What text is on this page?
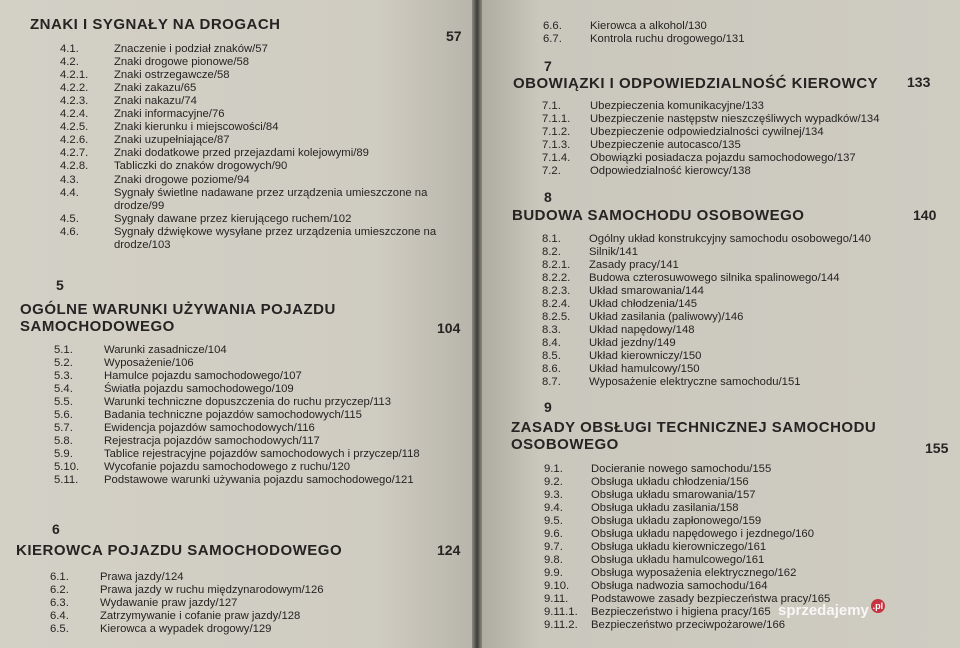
ZNAKI I SYGNAŁY NA DROGACH
57
4.1.	Znaczenie i podział znaków/57
4.2.	Znaki drogowe pionowe/58
4.2.1. Znaki ostrzegawcze/58
4.2.2. Znaki zakazu/65
4.2.3. Znaki nakazu/74
4.2.4. Znaki informacyjne/76
4.2.5. Znaki kierunku i miejscowości/84
4.2.6. Znaki uzupełniające/87
4.2.7. Znaki dodatkowe przed przejazdami kolejowymi/89
4.2.8. Tabliczki do znaków drogowych/90
4.3.	Znaki drogowe poziome/94
4.4.	Sygnały świetlne nadawane przez urządzenia umieszczone na
drodze/99
4.5.	Sygnały dawane przez kierującego ruchem/102
4.6.	Sygnały dźwiękowe wysyłane przez urządzenia umieszczone na
drodze/103
5
OGÓLNE WARUNKI UŻYWANIA POJAZDU
SAMOCHODOWEGO	104
5.1.	Warunki zasadnicze/104
5.2.	Wyposażenie/106
5.3.	Hamulce pojazdu samochodowego/107
5.4.	Światła pojazdu samochodowego/109
5.5.	Warunki techniczne dopuszczenia do ruchu przyczep/113
5.6.	Badania techniczne pojazdów samochodowych/115
5.7.	Ewidencja pojazdów samochodowych/116
5.8.	Rejestracja pojazdów samochodowych/117
5.9.	Tablice rejestracyjne pojazdów samochodowych i przyczep/118
5.10. Wycofanie pojazdu samochodowego z ruchu/120
5.11. Podstawowe warunki używania pojazdu samochodowego/121
6
KIEROWCA POJAZDU SAMOCHODOWEGO	124
6.1.	Prawa jazdy/124
6.2.	Prawa jazdy w ruchu międzynarodowym/126
6.3.	Wydawanie praw jazdy/127
6.4.	Zatrzymywanie i cofanie praw jazdy/128
6.5.	Kierowca a wypadek drogowy/129
6.6. Kierowca a alkohol/130
6.7. Kontrola ruchu drogowego/131
7
OBOWIĄZKI I ODPOWIEDZIALNOŚĆ KIEROWCY 133
7.1.	Ubezpieczenia komunikacyjne/133
7.1.1. Ubezpieczenie następstw nieszczęśliwych wypadków/134
7.1.2. Ubezpieczenie odpowiedzialności cywilnej/134
7.1.3. Ubezpieczenie autocasco/135
7.1.4. Obowiązki posiadacza pojazdu samochodowego/137
7.2.	Odpowiedzialność kierowcy/138
8
BUDOWA SAMOCHODU OSOBOWEGO	140
8.1. Ogólny układ konstrukcyjny samochodu osobowego/140
8.2. Silnik/141
8.2.1. Zasady pracy/141
8.2.2. Budowa czterosuwowego silnika spalinowego/144
8.2.3. Układ smarowania/144
8.2.4. Układ chłodzenia/145
8.2.5. Układ zasilania (paliwowy)/146
8.3. Układ napędowy/148
8.4. Układ jezdny/149
8.5. Układ kierowniczy/150
8.6. Układ hamulcowy/150
8.7. Wyposażenie elektryczne samochodu/151
9
ZASADY OBSŁUGI TECHNICZNEJ SAMOCHODU
OSOBOWEGO	155
9.1. Docieranie nowego samochodu/155
9.2. Obsługa układu chłodzenia/156
9.3. Obsługa układu smarowania/157
9.4. Obsługa układu zasilania/158
9.5. Obsługa układu zapłonowego/159
9.6. Obsługa układu napędowego i jezdnego/160
9.7. Obsługa układu kierowniczego/161
9.8. Obsługa układu hamulcowego/161
9.9. Obsługa wyposażenia elektrycznego/162
9.10. Obsługa nadwozia samochodu/164
9.11. Podstawowe zasady bezpieczeństwa pracy/165
9.11.1. Bezpieczeństwo i higiena pracy/165
9.11.2. Bezpieczeństwo przeciwpożarowe/166
sprzedajemy .pl
